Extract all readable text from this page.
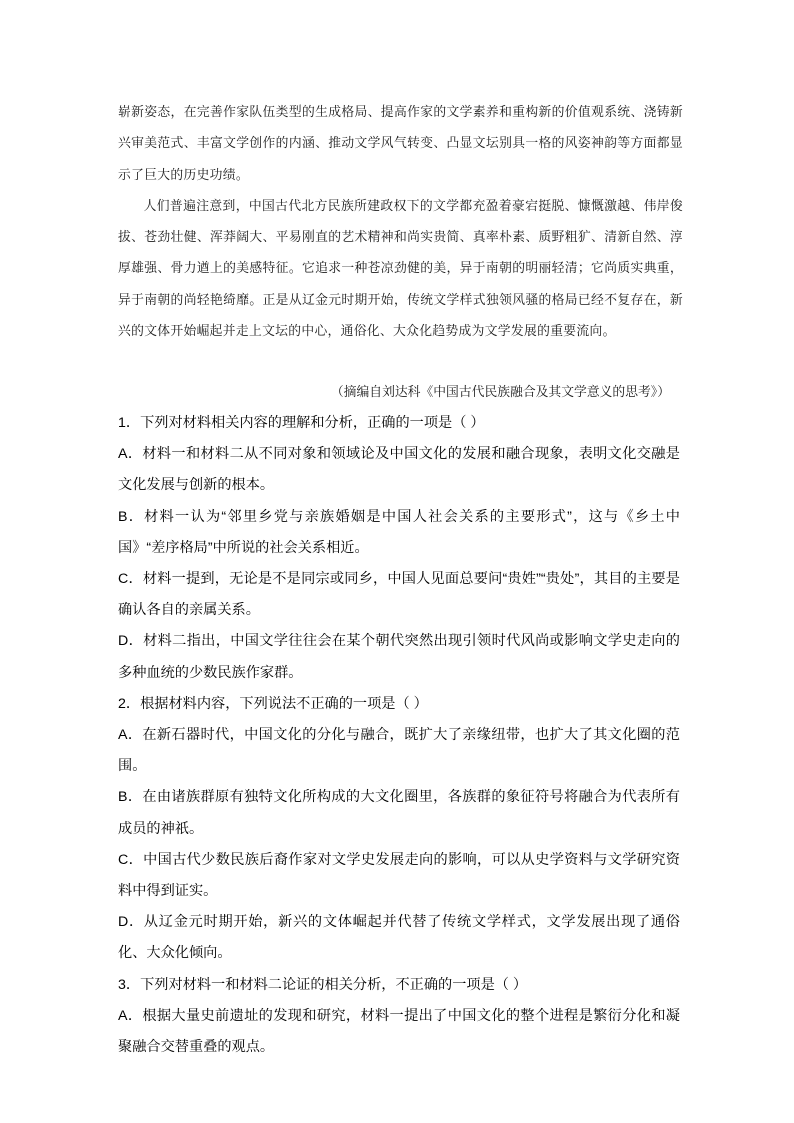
崭新姿态，在完善作家队伍类型的生成格局、提高作家的文学素养和重构新的价值观系统、浇铸新兴审美范式、丰富文学创作的内涵、推动文学风气转变、凸显文坛别具一格的风姿神韵等方面都显示了巨大的历史功绩。

人们普遍注意到，中国古代北方民族所建政权下的文学都充盈着豪宕挺脱、慷慨激越、伟岸俊拔、苍劲壮健、浑莽阔大、平易刚直的艺术精神和尚实贵简、真率朴素、质野粗犷、清新自然、淳厚雄强、骨力遒上的美感特征。它追求一种苍凉劲健的美，异于南朝的明丽轻清；它尚质实典重，异于南朝的尚轻艳绮靡。正是从辽金元时期开始，传统文学样式独领风骚的格局已经不复存在，新兴的文体开始崛起并走上文坛的中心，通俗化、大众化趋势成为文学发展的重要流向。

（摘编自刘达科《中国古代民族融合及其文学意义的思考》）

1．下列对材料相关内容的理解和分析，正确的一项是（ ）

A．材料一和材料二从不同对象和领域论及中国文化的发展和融合现象，表明文化交融是文化发展与创新的根本。

B．材料一认为“邻里乡党与亲族婚姻是中国人社会关系的主要形式”，这与《乡土中国》“差序格局”中所说的社会关系相近。

C．材料一提到，无论是不是同宗或同乡，中国人见面总要问“贵姓”“贵处”，其目的主要是确认各自的亲属关系。

D．材料二指出，中国文学往往会在某个朝代突然出现引领时代风尚或影响文学史走向的多种血统的少数民族作家群。

2．根据材料内容，下列说法不正确的一项是（ ）

A．在新石器时代，中国文化的分化与融合，既扩大了亲缘纽带，也扩大了其文化圈的范围。

B．在由诸族群原有独特文化所构成的大文化圈里，各族群的象征符号将融合为代表所有成员的神祇。

C．中国古代少数民族后裔作家对文学史发展走向的影响，可以从史学资料与文学研究资料中得到证实。

D．从辽金元时期开始，新兴的文体崛起并代替了传统文学样式，文学发展出现了通俗化、大众化倾向。

3．下列对材料一和材料二论证的相关分析，不正确的一项是（ ）

A．根据大量史前遗址的发现和研究，材料一提出了中国文化的整个进程是繁衍分化和凝聚融合交替重叠的观点。
